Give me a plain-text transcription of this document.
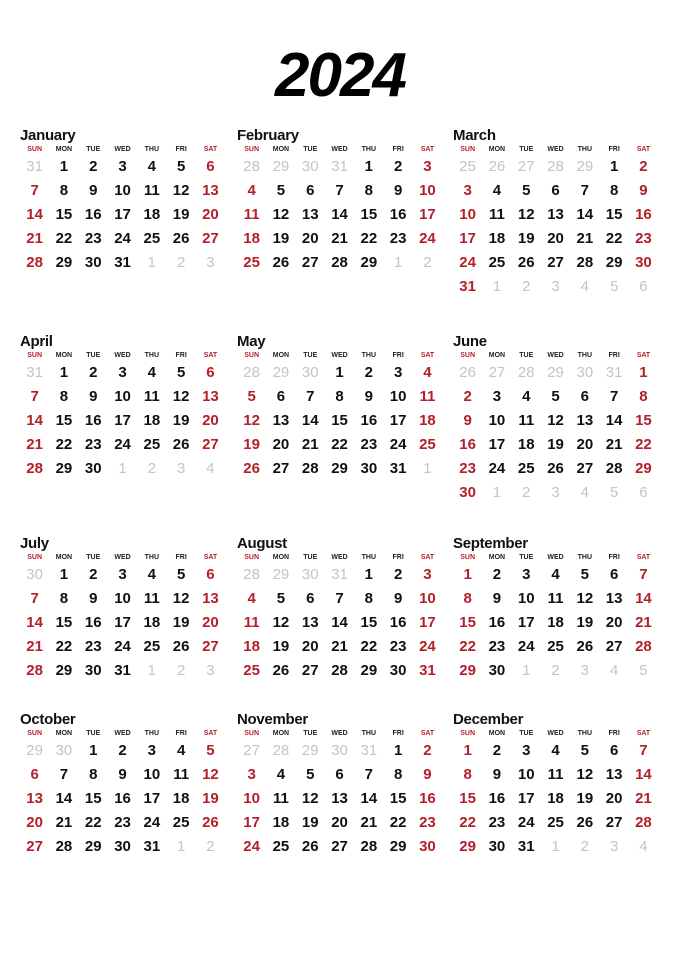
2024
January
SUN	MON	TUE	WED	THU	FRI	SAT
31	1	2	3	4	5	6
7	8	9	10 11 12 13
14 15 16 17 18 19 20
21 22 23 24 25 26 27
28 29 30 31	1	2	3
February
SUN	MON	TUE	WED	THU	FRI	SAT
28 29 30 31	1	2	3
4	5	6	7	8	9	10
11 12 13 14 15 16 17
18 19 20 21 22 23 24
25 26 27 28 29	1	2
March
SUN	MON	TUE	WED	THU	FRI	SAT
25 26 27 28 29	1	2
3	4	5	6	7	8	9
10 11 12 13 14 15 16
17 18 19 20 21 22 23
24 25 26 27 28 29 30
31	1	2	3	4	5	6
April
SUN	MON	TUE	WED	THU	FRI	SAT
31	1	2	3	4	5	6
7	8	9	10 11 12 13
14 15 16 17 18 19 20
21 22 23 24 25 26 27
28 29 30	1	2	3	4
May
SUN	MON	TUE	WED	THU	FRI	SAT
28 29 30	1	2	3	4
5	6	7	8	9	10 11
12 13 14 15 16 17 18
19 20 21 22 23 24 25
26 27 28 29 30 31	1
June
SUN	MON	TUE	WED	THU	FRI	SAT
26 27 28 29 30 31	1
2	3	4	5	6	7	8
9	10 11 12 13 14 15
16 17 18 19 20 21 22
23 24 25 26 27 28 29
30	1	2	3	4	5	6
July
SUN	MON	TUE	WED	THU	FRI	SAT
30	1	2	3	4	5	6
7	8	9	10 11 12 13
14 15 16 17 18 19 20
21 22 23 24 25 26 27
28 29 30 31	1	2	3
August
SUN	MON	TUE	WED	THU	FRI	SAT
28 29 30 31	1	2	3
4	5	6	7	8	9	10
11 12 13 14 15 16 17
18 19 20 21 22 23 24
25 26 27 28 29 30 31
September
SUN	MON	TUE	WED	THU	FRI	SAT
1	2	3	4	5	6	7
8	9	10 11 12 13 14
15 16 17 18 19 20 21
22 23 24 25 26 27 28
29 30	1	2	3	4	5
October
SUN	MON	TUE	WED	THU	FRI	SAT
29 30	1	2	3	4	5
6	7	8	9	10 11 12
13 14 15 16 17 18 19
20 21 22 23 24 25 26
27 28 29 30 31	1	2
November
SUN	MON	TUE	WED	THU	FRI	SAT
27 28 29 30 31	1	2
3	4	5	6	7	8	9
10 11 12 13 14 15 16
17 18 19 20 21 22 23
24 25 26 27 28 29 30
December
SUN	MON	TUE	WED	THU	FRI	SAT
1	2	3	4	5	6	7
8	9	10 11 12 13 14
15 16 17 18 19 20 21
22 23 24 25 26 27 28
29 30 31	1	2	3	4
